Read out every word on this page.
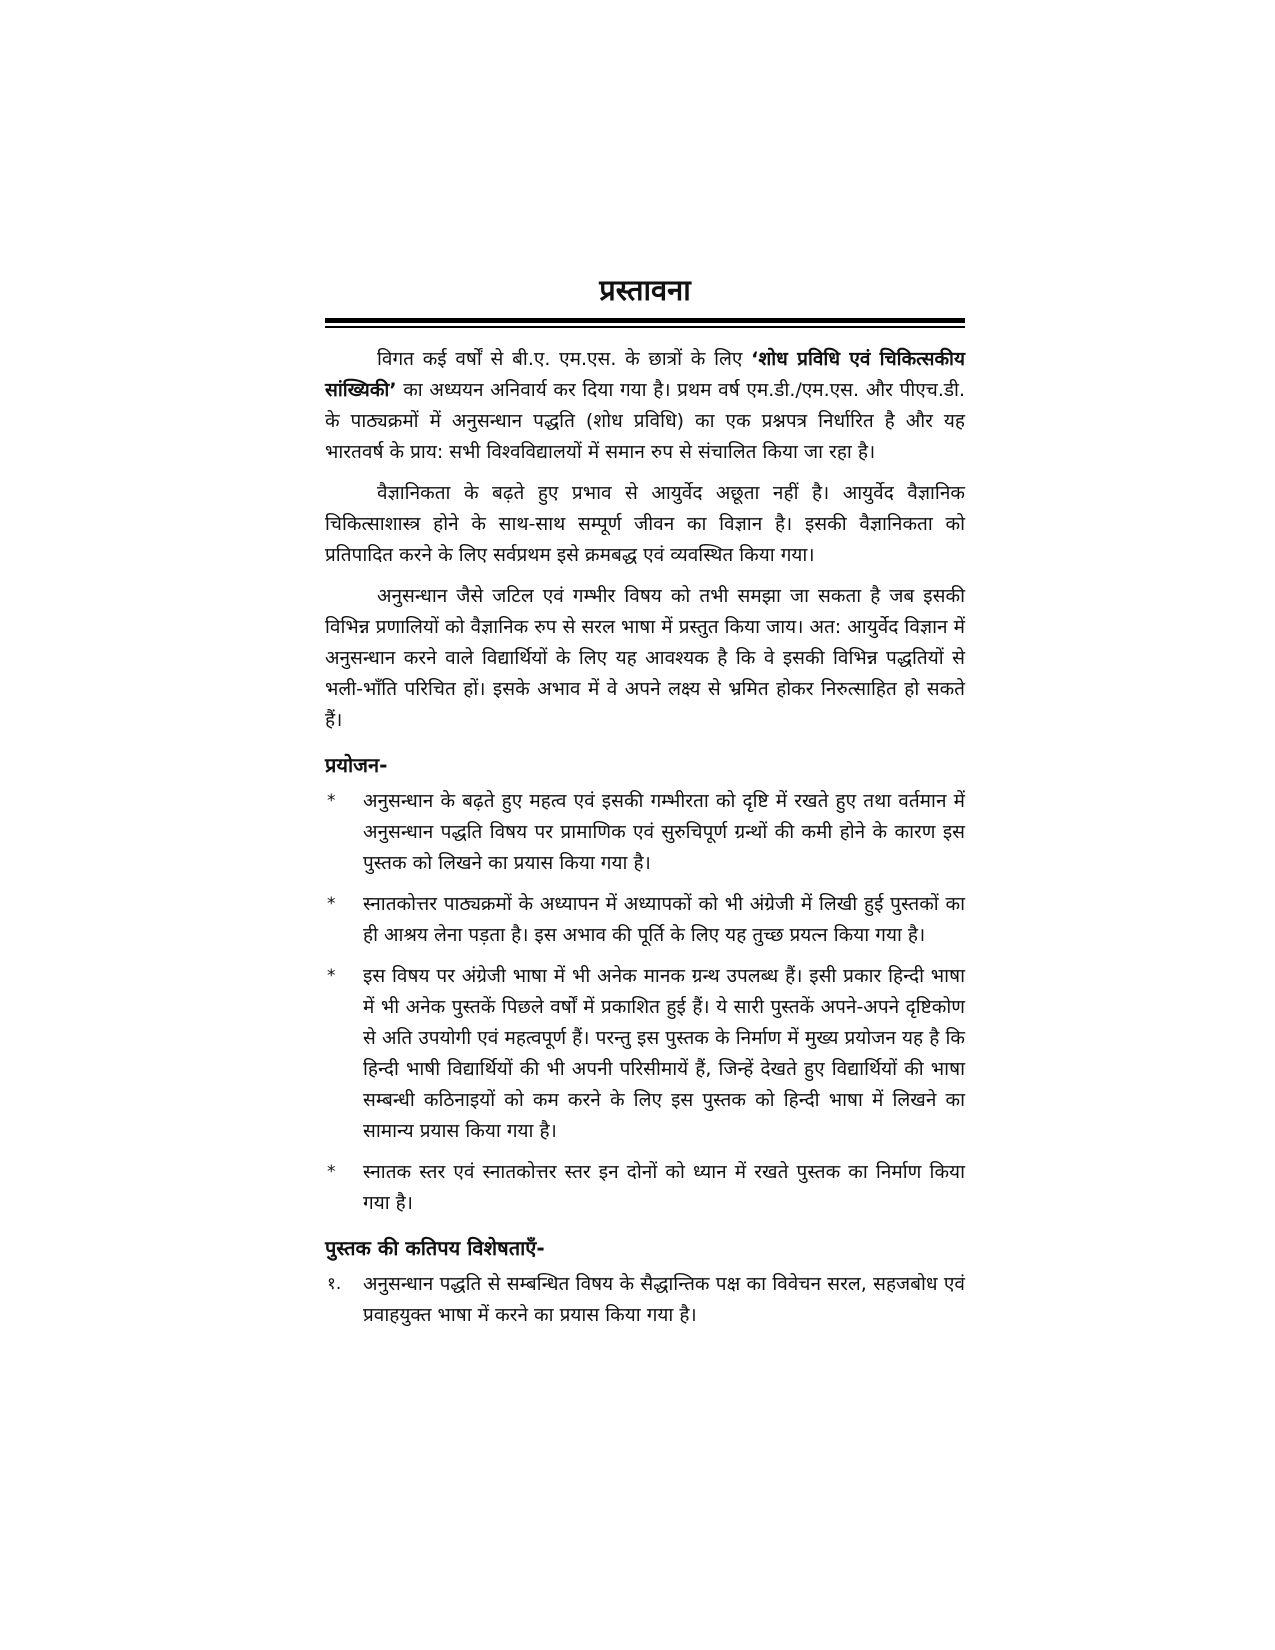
प्रस्तावना

विगत कई वर्षों से बी.ए. एम.एस. के छात्रों के लिए ‘शोध प्रविधि एवं चिकित्सकीय सांख्यिकी’ का अध्ययन अनिवार्य कर दिया गया है। प्रथम वर्ष एम.डी./एम.एस. और पीएच.डी. के पाठ्यक्रमों में अनुसन्धान पद्धति (शोध प्रविधि) का एक प्रश्नपत्र निर्धारित है और यह भारतवर्ष के प्राय: सभी विश्वविद्यालयों में समान रुप से संचालित किया जा रहा है।

वैज्ञानिकता के बढ़ते हुए प्रभाव से आयुर्वेद अछूता नहीं है। आयुर्वेद वैज्ञानिक चिकित्साशास्त्र होने के साथ-साथ सम्पूर्ण जीवन का विज्ञान है। इसकी वैज्ञानिकता को प्रतिपादित करने के लिए सर्वप्रथम इसे क्रमबद्ध एवं व्यवस्थित किया गया।

अनुसन्धान जैसे जटिल एवं गम्भीर विषय को तभी समझा जा सकता है जब इसकी विभिन्न प्रणालियों को वैज्ञानिक रुप से सरल भाषा में प्रस्तुत किया जाय। अत: आयुर्वेद विज्ञान में अनुसन्धान करने वाले विद्यार्थियों के लिए यह आवश्यक है कि वे इसकी विभिन्न पद्धतियों से भली-भाँति परिचित हों। इसके अभाव में वे अपने लक्ष्य से भ्रमित होकर निरुत्साहित हो सकते हैं।

प्रयोजन-
*	अनुसन्धान के बढ़ते हुए महत्व एवं इसकी गम्भीरता को दृष्टि में रखते हुए तथा वर्तमान में अनुसन्धान पद्धति विषय पर प्रामाणिक एवं सुरुचिपूर्ण ग्रन्थों की कमी होने के कारण इस पुस्तक को लिखने का प्रयास किया गया है।
*	स्नातकोत्तर पाठ्यक्रमों के अध्यापन में अध्यापकों को भी अंग्रेजी में लिखी हुई पुस्तकों का ही आश्रय लेना पड़ता है। इस अभाव की पूर्ति के लिए यह तुच्छ प्रयत्न किया गया है।
*	इस विषय पर अंग्रेजी भाषा में भी अनेक मानक ग्रन्थ उपलब्ध हैं। इसी प्रकार हिन्दी भाषा में भी अनेक पुस्तकें पिछले वर्षों में प्रकाशित हुई हैं। ये सारी पुस्तकें अपने-अपने दृष्टिकोण से अति उपयोगी एवं महत्वपूर्ण हैं। परन्तु इस पुस्तक के निर्माण में मुख्य प्रयोजन यह है कि हिन्दी भाषी विद्यार्थियों की भी अपनी परिसीमायें हैं, जिन्हें देखते हुए विद्यार्थियों की भाषा सम्बन्धी कठिनाइयों को कम करने के लिए इस पुस्तक को हिन्दी भाषा में लिखने का सामान्य प्रयास किया गया है।
*	स्नातक स्तर एवं स्नातकोत्तर स्तर इन दोनों को ध्यान में रखते पुस्तक का निर्माण किया गया है।
पुस्तक की कतिपय विशेषताएँ-
१.	अनुसन्धान पद्धति से सम्बन्धित विषय के सैद्धान्तिक पक्ष का विवेचन सरल, सहजबोध एवं प्रवाहयुक्त भाषा में करने का प्रयास किया गया है।
